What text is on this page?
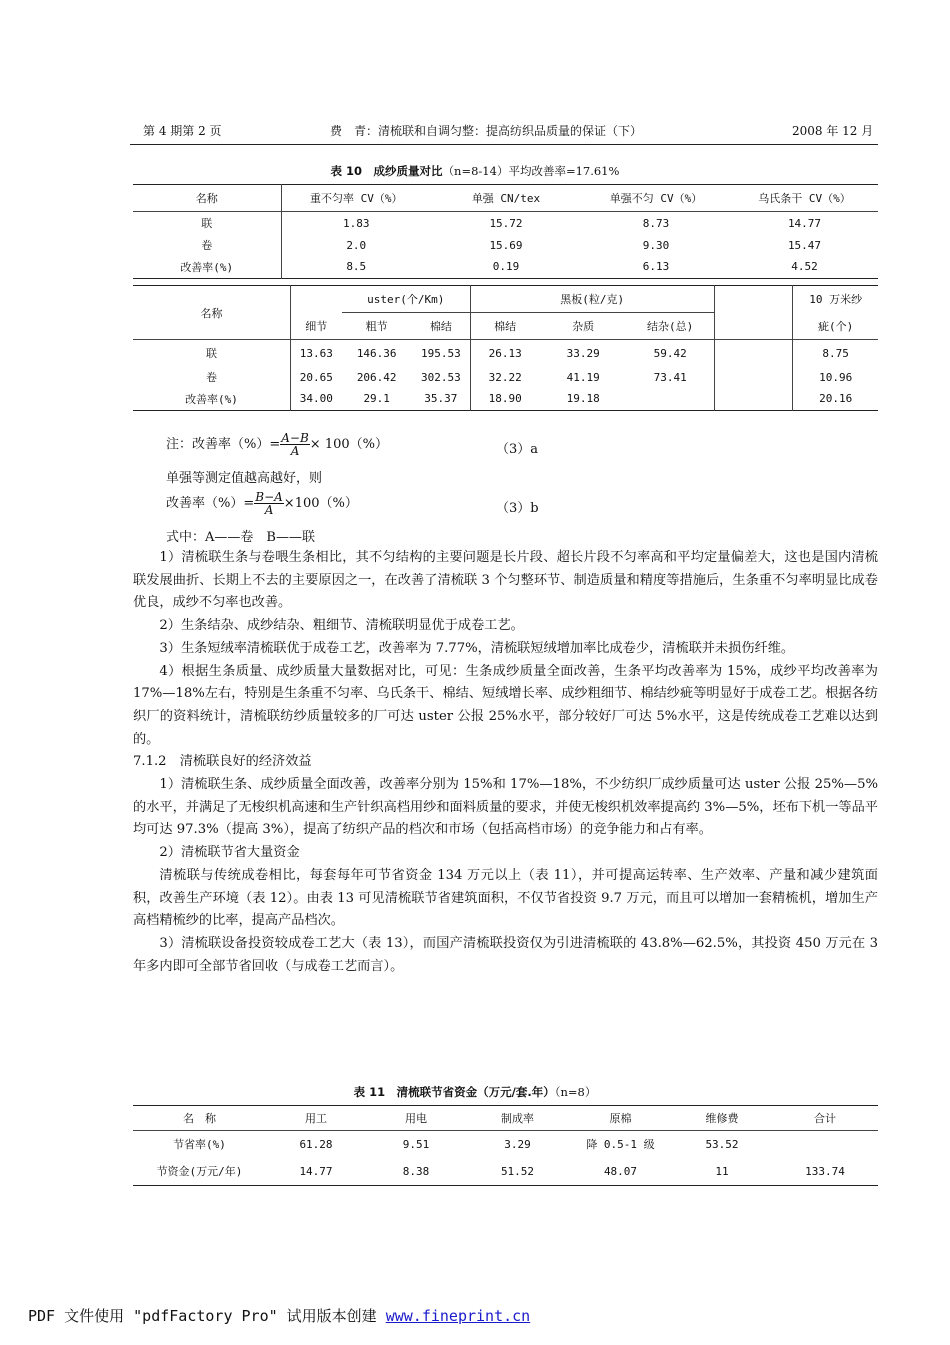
第 4 期第 2 页	费　青：清梳联和自调匀整：提高纺织品质量的保证（下）	2008 年 12 月
表 10　成纱质量对比（n=8-14）平均改善率=17.61%
名称	重不匀率 CV（%）	单强 CN/tex	单强不匀 CV（%）	乌氏条干 CV（%）
联	1.83	15.72	8.73	14.77
卷	2.0	15.69	9.30	15.47
改善率(%)	8.5	0.19	6.13	4.52
名称		uster(个/Km)		黑板(粒/克)				10 万米纱
	细节	粗节	棉结	棉结	杂质	结杂(总)		疵(个)
联	13.63	146.36	195.53	26.13	33.29	59.42		8.75
卷	20.65	206.42	302.53	32.22	41.19	73.41		10.96
改善率(%)	34.00	29.1	35.37	18.90	19.18			20.16
注：改善率（%）= $\frac{A-B}{A} \times 100(\%)$	（3）a
单强等测定值越高越好，则
改善率（%）= $\frac{B-A}{A} \times 100(\%)$	（3）b
式中：A——卷　B——联

1）清梳联生条与卷喂生条相比，其不匀结构的主要问题是长片段、超长片段不匀率高和平均定量偏差大，这也是国内清梳联发展曲折、长期上不去的主要原因之一，在改善了清梳联 3 个匀整环节、制造质量和精度等措施后，生条重不匀率明显比成卷优良，成纱不匀率也改善。

2）生条结杂、成纱结杂、粗细节、清梳联明显优于成卷工艺。

3）生条短绒率清梳联优于成卷工艺，改善率为 7.77%，清梳联短绒增加率比成卷少，清梳联并未损伤纤维。

4）根据生条质量、成纱质量大量数据对比，可见：生条成纱质量全面改善，生条平均改善率为 15%，成纱平均改善率为 17%—18%左右，特别是生条重不匀率、乌氏条干、棉结、短绒增长率、成纱粗细节、棉结纱疵等明显好于成卷工艺。根据各纺织厂的资料统计，清梳联纺纱质量较多的厂可达 uster 公报 25%水平，部分较好厂可达 5%水平，这是传统成卷工艺难以达到的。

7.1.2　清梳联良好的经济效益

1）清梳联生条、成纱质量全面改善，改善率分别为 15%和 17%—18%，不少纺织厂成纱质量可达 uster 公报 25%—5%的水平，并满足了无梭织机高速和生产针织高档用纱和面料质量的要求，并使无梭织机效率提高约 3%—5%，坯布下机一等品平均可达 97.3%（提高 3%），提高了纺织产品的档次和市场（包括高档市场）的竞争能力和占有率。

2）清梳联节省大量资金

清梳联与传统成卷相比，每套每年可节省资金 134 万元以上（表 11），并可提高运转率、生产效率、产量和减少建筑面积，改善生产环境（表 12）。由表 13 可见清梳联节省建筑面积，不仅节省投资 9.7 万元，而且可以增加一套精梳机，增加生产高档精梳纱的比率，提高产品档次。

3）清梳联设备投资较成卷工艺大（表 13），而国产清梳联投资仅为引进清梳联的 43.8%—62.5%，其投资 450 万元在 3 年多内即可全部节省回收（与成卷工艺而言）。

表 11　清梳联节省资金（万元/套.年）（n=8）
名　称	用工	用电	制成率	原棉	维修费	合计
节省率(%)	61.28	9.51	3.29	降 0.5-1 级	53.52	
节资金(万元/年)	14.77	8.38	51.52	48.07	11	133.74
PDF 文件使用 "pdfFactory Pro" 试用版本创建 www.fineprint.cn
